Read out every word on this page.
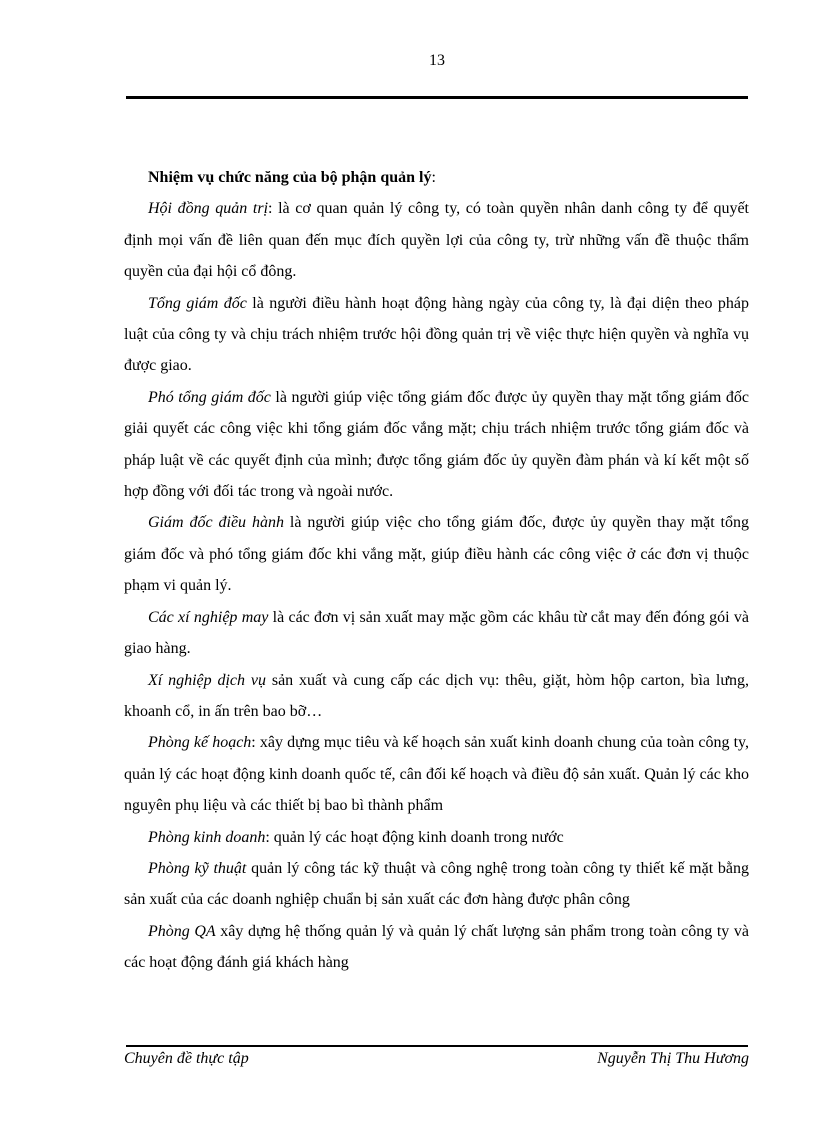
13

Nhiệm vụ chức năng của bộ phận quản lý:

Hội đồng quản trị: là cơ quan quản lý công ty, có toàn quyền nhân danh công ty để quyết định mọi vấn đề liên quan đến mục đích quyền lợi của công ty, trừ những vấn đề thuộc thẩm quyền của đại hội cổ đông.

Tổng giám đốc là người điều hành hoạt động hàng ngày của công ty, là đại diện theo pháp luật của công ty và chịu trách nhiệm trước hội đồng quản trị về việc thực hiện quyền và nghĩa vụ được giao.

Phó tổng giám đốc là người giúp việc tổng giám đốc được ủy quyền thay mặt tổng giám đốc giải quyết các công việc khi tổng giám đốc vắng mặt; chịu trách nhiệm trước tổng giám đốc và pháp luật về các quyết định của mình; được tổng giám đốc ủy quyền đàm phán và kí kết một số hợp đồng với đối tác trong và ngoài nước.

Giám đốc điều hành là người giúp việc cho tổng giám đốc, được ủy quyền thay mặt tổng giám đốc và phó tổng giám đốc khi vắng mặt, giúp điều hành các công việc ở các đơn vị thuộc phạm vi quản lý.

Các xí nghiệp may là các đơn vị sản xuất may mặc gồm các khâu từ cắt may đến đóng gói và giao hàng.

Xí nghiệp dịch vụ sản xuất và cung cấp các dịch vụ: thêu, giặt, hòm hộp carton, bìa lưng, khoanh cổ, in ấn trên bao bỡ…

Phòng kế hoạch: xây dựng mục tiêu và kế hoạch sản xuất kinh doanh chung của toàn công ty, quản lý các hoạt động kinh doanh quốc tế, cân đối kế hoạch và điều độ sản xuất. Quản lý các kho nguyên phụ liệu và các thiết bị bao bì thành phẩm

Phòng kinh doanh: quản lý các hoạt động kinh doanh trong nước

Phòng kỹ thuật quản lý công tác kỹ thuật và công nghệ trong toàn công ty thiết kế mặt bằng sản xuất của các doanh nghiệp chuẩn bị sản xuất các đơn hàng được phân công

Phòng QA xây dựng hệ thống quản lý và quản lý chất lượng sản phẩm trong toàn công ty và các hoạt động đánh giá khách hàng

Chuyên đề thực tập	Nguyễn Thị Thu Hương
